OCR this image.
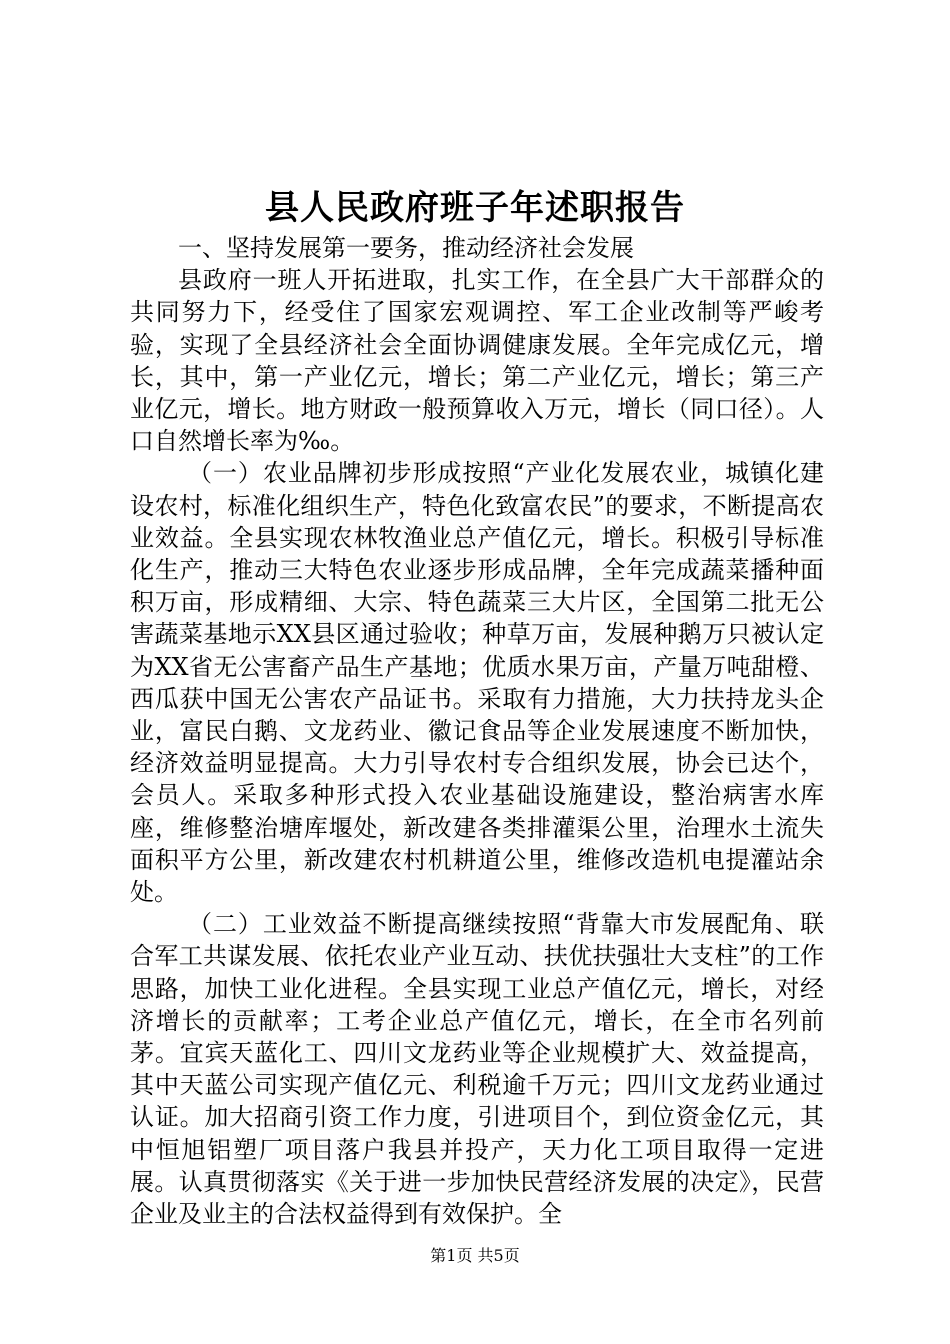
县人民政府班子年述职报告

一、坚持发展第一要务，推动经济社会发展

县政府一班人开拓进取，扎实工作，在全县广大干部群众的共同努力下，经受住了国家宏观调控、军工企业改制等严峻考验，实现了全县经济社会全面协调健康发展。全年完成亿元，增长，其中，第一产业亿元，增长；第二产业亿元，增长；第三产业亿元，增长。地方财政一般预算收入万元，增长（同口径）。人口自然增长率为‰。

（一）农业品牌初步形成按照“产业化发展农业，城镇化建设农村，标准化组织生产，特色化致富农民”的要求，不断提高农业效益。全县实现农林牧渔业总产值亿元，增长。积极引导标准化生产，推动三大特色农业逐步形成品牌，全年完成蔬菜播种面积万亩，形成精细、大宗、特色蔬菜三大片区，全国第二批无公害蔬菜基地示XX县区通过验收；种草万亩，发展种鹅万只被认定为XX省无公害畜产品生产基地；优质水果万亩，产量万吨甜橙、西瓜获中国无公害农产品证书。采取有力措施，大力扶持龙头企业，富民白鹅、文龙药业、徽记食品等企业发展速度不断加快，经济效益明显提高。大力引导农村专合组织发展，协会已达个，会员人。采取多种形式投入农业基础设施建设，整治病害水库座，维修整治塘库堰处，新改建各类排灌渠公里，治理水土流失面积平方公里，新改建农村机耕道公里，维修改造机电提灌站余处。

（二）工业效益不断提高继续按照“背靠大市发展配角、联合军工共谋发展、依托农业产业互动、扶优扶强壮大支柱”的工作思路，加快工业化进程。全县实现工业总产值亿元，增长，对经济增长的贡献率；工考企业总产值亿元，增长，在全市名列前茅。宜宾天蓝化工、四川文龙药业等企业规模扩大、效益提高，其中天蓝公司实现产值亿元、利税逾千万元；四川文龙药业通过认证。加大招商引资工作力度，引进项目个，到位资金亿元，其中恒旭铝塑厂项目落户我县并投产，天力化工项目取得一定进展。认真贯彻落实《关于进一步加快民营经济发展的决定》，民营企业及业主的合法权益得到有效保护。全

第1页 共5页
